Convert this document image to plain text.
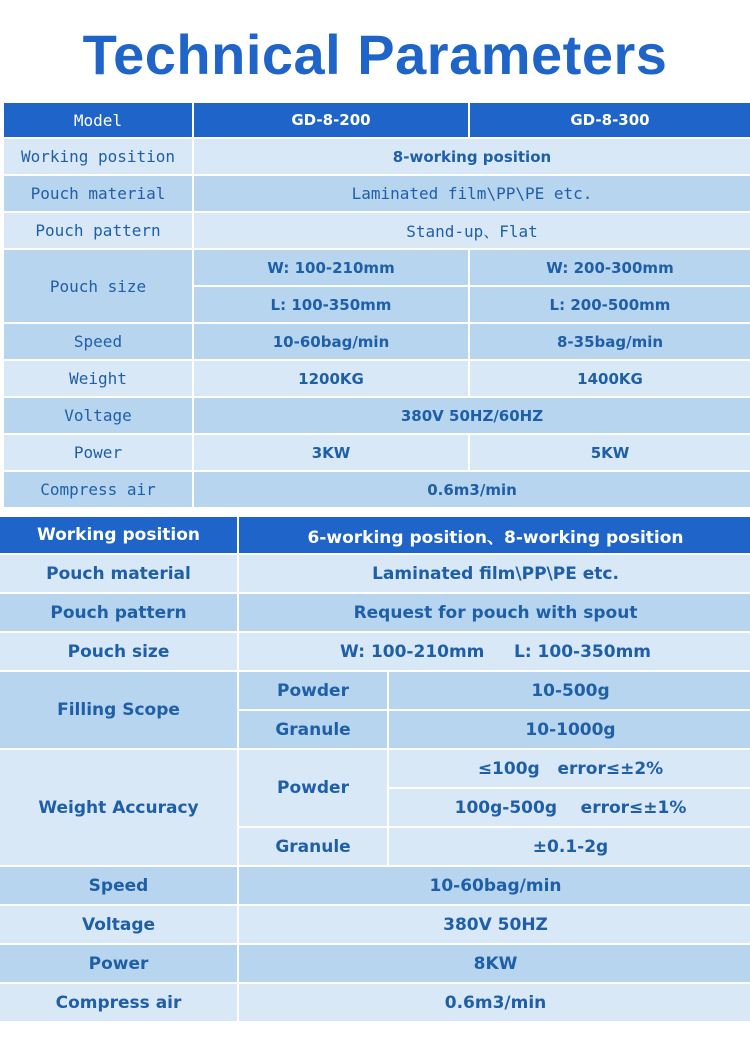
Technical Parameters
Model	GD-8-200	GD-8-300
Working position	8-working position	
Pouch material	Laminated film\PP\PE etc.	
Pouch pattern	Stand-up、Flat	
Pouch size	W: 100-210mm	W: 200-300mm
	L: 100-350mm	L: 200-500mm
Speed	10-60bag/min	8-35bag/min
Weight	1200KG	1400KG
Voltage	380V 50HZ/60HZ	
Power	3KW	5KW
Compress air	0.6m3/min	
Working position	6-working position、8-working position	
Pouch material	Laminated film\PP\PE etc.	
Pouch pattern	Request for pouch with spout	
Pouch size	W: 100-210mm     L: 100-350mm	
Filling Scope	Powder	10-500g
	Granule	10-1000g
Weight Accuracy	Powder	≤100g   error≤±2%
		100g-500g    error≤±1%
	Granule	±0.1-2g
Speed	10-60bag/min	
Voltage	380V 50HZ	
Power	8KW	
Compress air	0.6m3/min	
